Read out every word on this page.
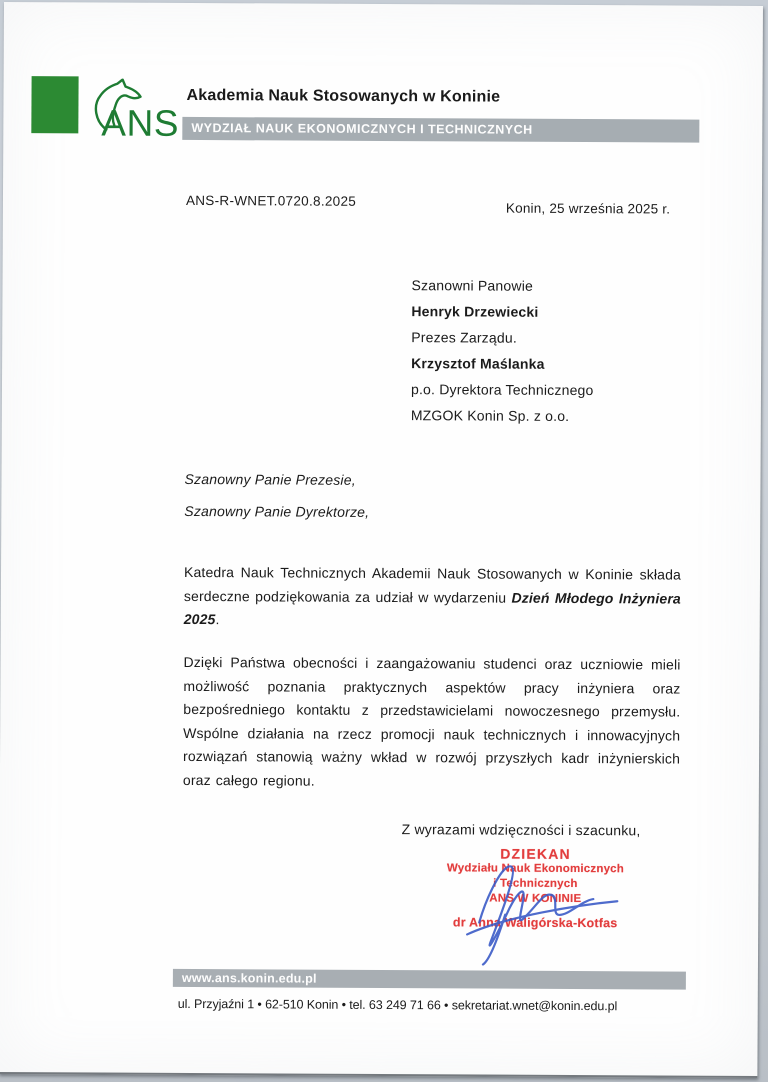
ANS
Akademia Nauk Stosowanych w Koninie
WYDZIAŁ NAUK EKONOMICZNYCH I TECHNICZNYCH
ANS-R-WNET.0720.8.2025	Konin, 25 września 2025 r.
Szanowni Panowie
Henryk Drzewiecki
Prezes Zarządu.
Krzysztof Maślanka
p.o. Dyrektora Technicznego
MZGOK Konin Sp. z o.o.
Szanowny Panie Prezesie,
Szanowny Panie Dyrektorze,

Katedra Nauk Technicznych Akademii Nauk Stosowanych w Koninie składa serdeczne podziękowania za udział w wydarzeniu Dzień Młodego Inżyniera 2025.

Dzięki Państwa obecności i zaangażowaniu studenci oraz uczniowie mieli możliwość poznania praktycznych aspektów pracy inżyniera oraz bezpośredniego kontaktu z przedstawicielami nowoczesnego przemysłu. Wspólne działania na rzecz promocji nauk technicznych i innowacyjnych rozwiązań stanowią ważny wkład w rozwój przyszłych kadr inżynierskich oraz całego regionu.

Z wyrazami wdzięczności i szacunku,
DZIEKAN
Wydziału Nauk Ekonomicznych
i Technicznych
ANS W KONINIE
dr Anna Waligórska-Kotfas
www.ans.konin.edu.pl
ul. Przyjaźni 1 • 62-510 Konin • tel. 63 249 71 66 • sekretariat.wnet@konin.edu.pl
